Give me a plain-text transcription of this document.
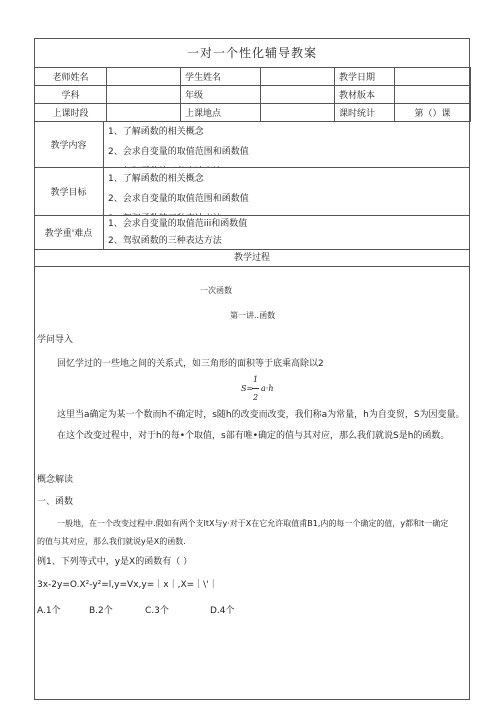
一对一个性化辅导教案
老师姓名		学生姓名		教学日期	
学科		年级		教材版本	
上课时段		上课地点		课时统计	第（）课
教学内容
1、了解函数的相关概念
2、会求自变量的取值范围和函数值
教学目标
1、了解函数的相关概念
2、会求自变量的取值范围和函数值
教学重'难点
1、会求自变量的取值范iii和函数值
2、驾驭函数的三种表达方法
教学过程
一次函数
第一讲..函数
学问导入
回忆学过的一些地之间的关系式，如三角形的面积等于底乘高除以2
1
S= a·h
2
这里当a确定为某一个数而h不确定时，s随h的改变而改变，我们称a为常量，h为自变贸，S为因变量。
在这个改变过程中，对于h的每•个取值，s部有唯•确定的值与其对应，那么我们就说S是h的函数。
概念解读
一、函数
一般地，在一个改变过程中.假如有两个支ItX与y·对于X在它允许取值甫B1,内的每一个确定的值，y都和t一确定
的值与其对应，那么我们就说y是X的函数.
例1、下列等式中，y是X的函数有（ ）
3x-2y=O.X²-y²=l,y=Vx,y=｜x｜,X=｜\'｜
A.1个	B.2个	C.3个	D.4个
